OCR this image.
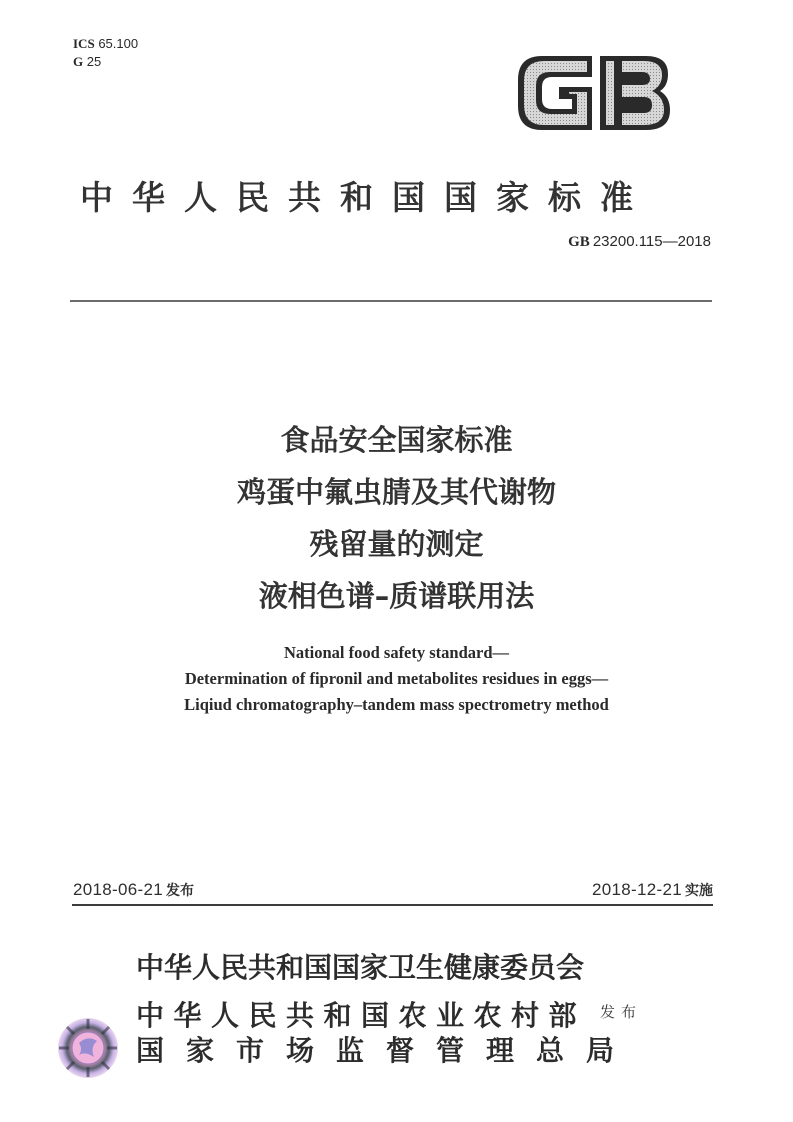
ICS 65.100
G 25
中华人民共和国国家标准
GB 23200.115—2018
食品安全国家标准
鸡蛋中氟虫腈及其代谢物
残留量的测定
液相色谱–质谱联用法
National food safety standard—
Determination of fipronil and metabolites residues in eggs—
Liqiud chromatography–tandem mass spectrometry method
2018-06-21 发布	2018-12-21 实施
中华人民共和国国家卫生健康委员会
中华人民共和国农业农村部 发布
国家市场监督管理总局
